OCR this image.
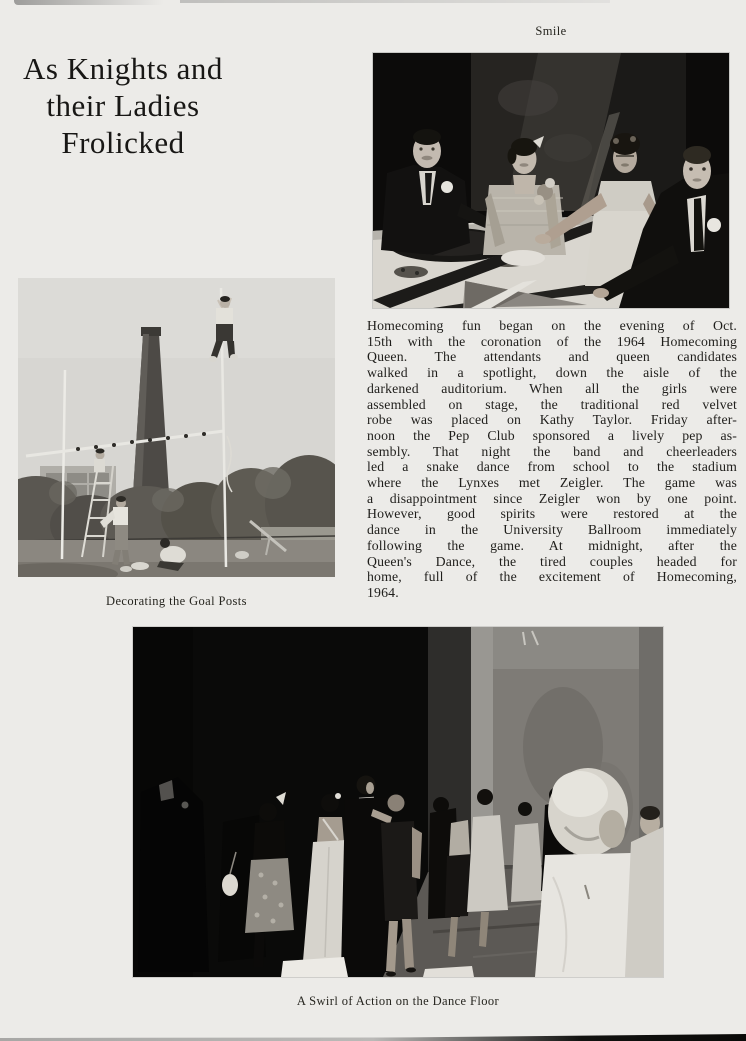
As Knights and
their Ladies
Frolicked
Smile
Homecoming fun began on the evening of Oct.
15th with the coronation of the 1964 Homecoming
Queen. The attendants and queen candidates
walked in a spotlight, down the aisle of the
darkened auditorium. When all the girls were
assembled on stage, the traditional red velvet
robe was placed on Kathy Taylor. Friday after-
noon the Pep Club sponsored a lively pep as-
sembly. That night the band and cheerleaders
led a snake dance from school to the stadium
where the Lynxes met Zeigler. The game was
a disappointment since Zeigler won by one point.
However, good spirits were restored at the
dance in the University Ballroom immediately
following the game. At midnight, after the
Queen's Dance, the tired couples headed for
home, full of the excitement of Homecoming,
1964.
Decorating the Goal Posts
A Swirl of Action on the Dance Floor
